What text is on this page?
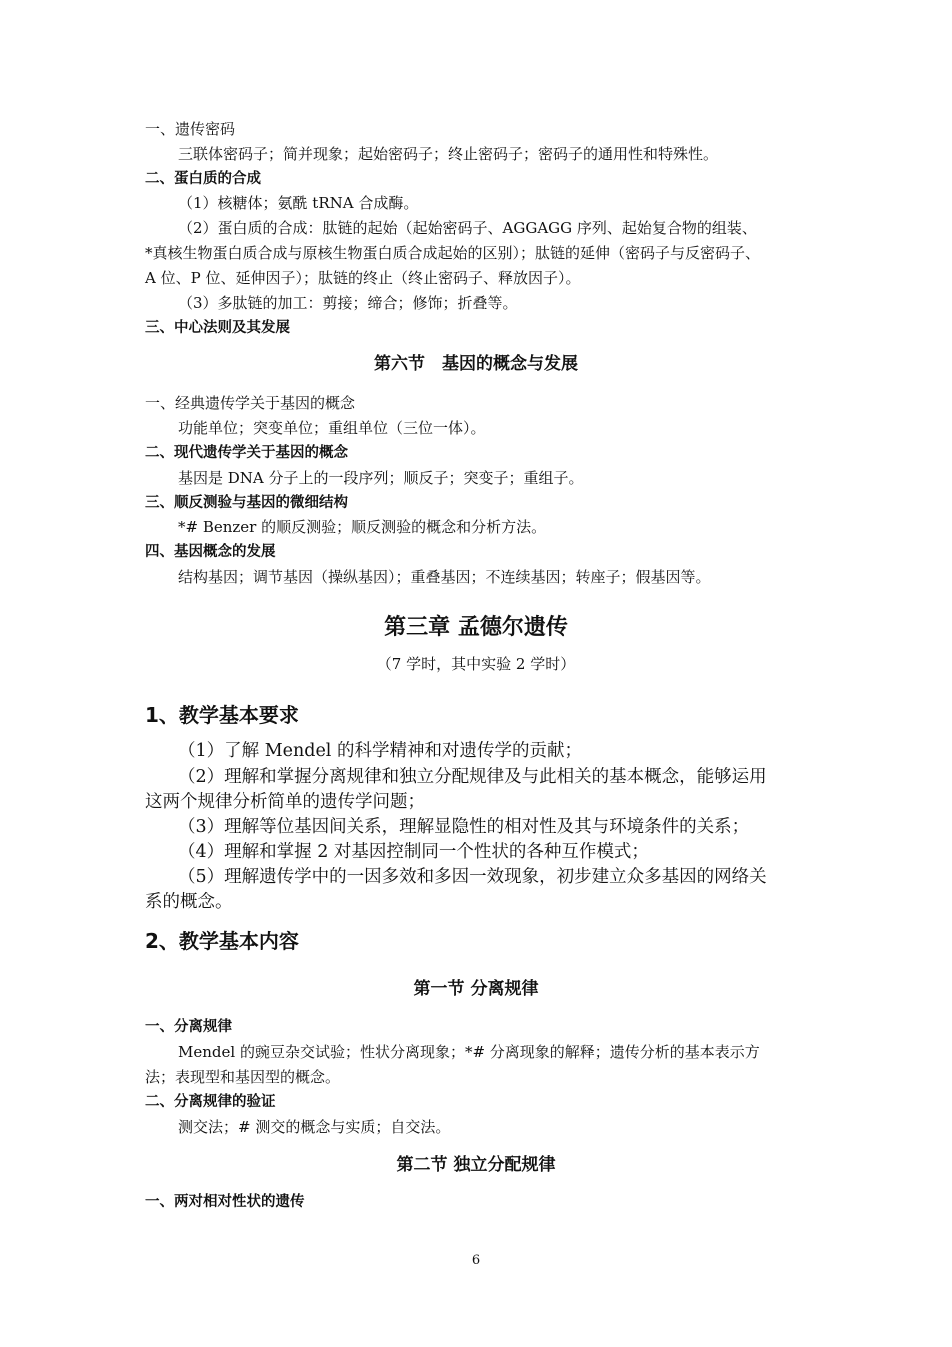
一、遗传密码
三联体密码子；简并现象；起始密码子；终止密码子；密码子的通用性和特殊性。
二、蛋白质的合成
（1）核糖体；氨酰 tRNA 合成酶。
（2）蛋白质的合成：肽链的起始（起始密码子、AGGAGG 序列、起始复合物的组装、
*真核生物蛋白质合成与原核生物蛋白质合成起始的区别）；肽链的延伸（密码子与反密码子、
A 位、P 位、延伸因子）；肽链的终止（终止密码子、释放因子）。
（3）多肽链的加工：剪接；缔合；修饰；折叠等。
三、中心法则及其发展
第六节　基因的概念与发展
一、经典遗传学关于基因的概念
功能单位；突变单位；重组单位（三位一体）。
二、现代遗传学关于基因的概念
基因是 DNA 分子上的一段序列；顺反子；突变子；重组子。
三、顺反测验与基因的微细结构
*# Benzer 的顺反测验；顺反测验的概念和分析方法。
四、基因概念的发展
结构基因；调节基因（操纵基因）；重叠基因；不连续基因；转座子；假基因等。
第三章 孟德尔遗传
（7 学时，其中实验 2 学时）
1、教学基本要求
（1）了解 Mendel 的科学精神和对遗传学的贡献；
（2）理解和掌握分离规律和独立分配规律及与此相关的基本概念，能够运用
这两个规律分析简单的遗传学问题；
（3）理解等位基因间关系，理解显隐性的相对性及其与环境条件的关系；
（4）理解和掌握 2 对基因控制同一个性状的各种互作模式；
（5）理解遗传学中的一因多效和多因一效现象，初步建立众多基因的网络关
系的概念。
2、教学基本内容
第一节 分离规律
一、分离规律
Mendel 的豌豆杂交试验；性状分离现象；*# 分离现象的解释；遗传分析的基本表示方
法；表现型和基因型的概念。
二、分离规律的验证
测交法；# 测交的概念与实质；自交法。
第二节 独立分配规律
一、两对相对性状的遗传
6
